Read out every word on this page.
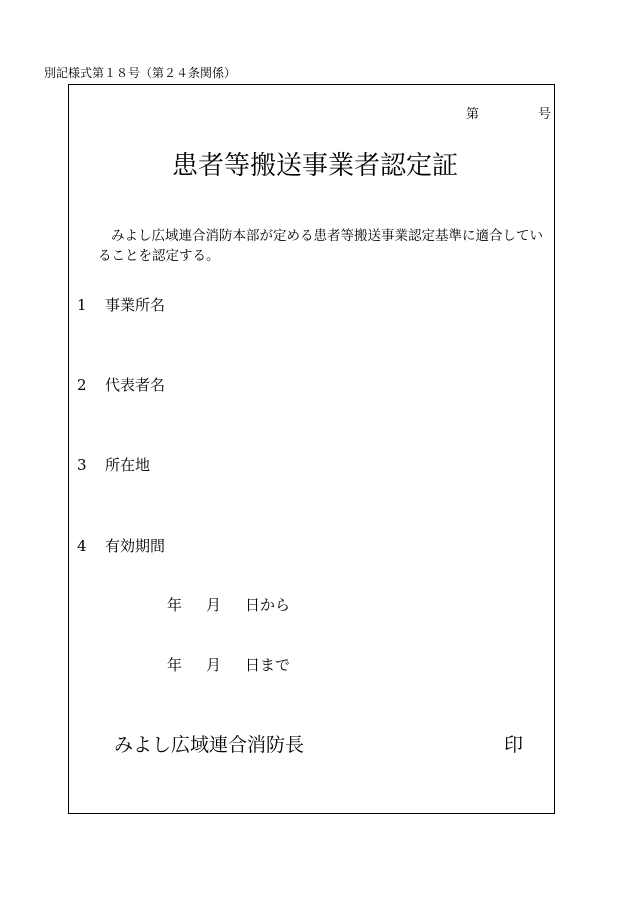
別記様式第１８号（第２４条関係）
第	号
患者等搬送事業者認定証

みよし広域連合消防本部が定める患者等搬送事業認定基準に適合していることを認定する。

1 事業所名
2 代表者名
3 所在地
4 有効期間
年 月 日から
年 月 日まで
みよし広域連合消防長	印
